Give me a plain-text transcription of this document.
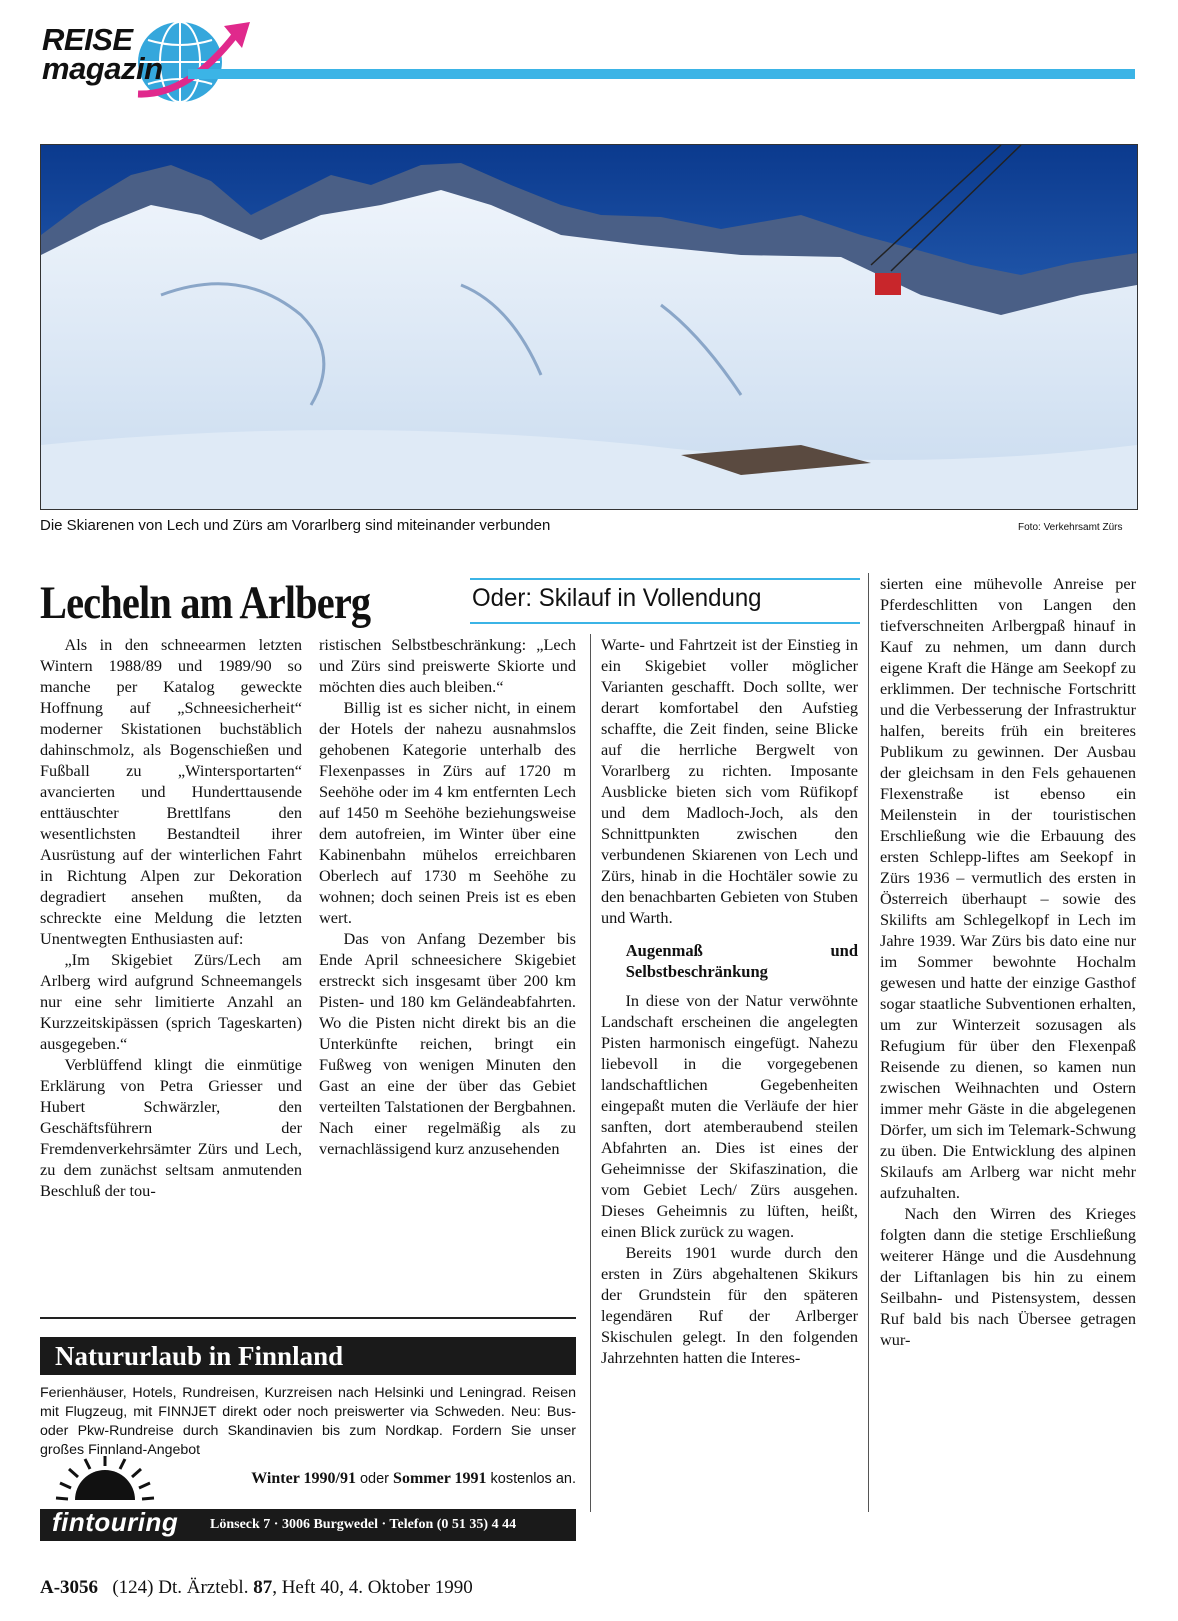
REISE
magazin
Die Skiarenen von Lech und Zürs am Vorarlberg sind miteinander verbunden	Foto: Verkehrsamt Zürs
Lecheln am Arlberg	Oder: Skilauf in Vollendung

Als in den schneearmen letzten Wintern 1988/89 und 1989/90 so manche per Katalog geweckte Hoffnung auf „Schneesicherheit“ moderner Skistationen buchstäblich dahinschmolz, als Bogenschießen und Fußball zu „Wintersportarten“ avancierten und Hunderttausende enttäuschter Brettlfans den wesentlichsten Bestandteil ihrer Ausrüstung auf der winterlichen Fahrt in Richtung Alpen zur Dekoration degradiert ansehen mußten, da schreckte eine Meldung die letzten Unentwegten Enthusiasten auf:

„Im Skigebiet Zürs/Lech am Arlberg wird aufgrund Schneemangels nur eine sehr limitierte Anzahl an Kurzzeitskipässen (sprich Tageskarten) ausgegeben.“

Verblüffend klingt die einmütige Erklärung von Petra Griesser und Hubert Schwärzler, den Geschäftsführern der Fremdenverkehrsämter Zürs und Lech, zu dem zunächst seltsam anmutenden Beschluß der tou-

ristischen Selbstbeschränkung: „Lech und Zürs sind preiswerte Skiorte und möchten dies auch bleiben.“

Billig ist es sicher nicht, in einem der Hotels der nahezu ausnahmslos gehobenen Kategorie unterhalb des Flexenpasses in Zürs auf 1720 m Seehöhe oder im 4 km entfernten Lech auf 1450 m Seehöhe beziehungsweise dem autofreien, im Winter über eine Kabinenbahn mühelos erreichbaren Oberlech auf 1730 m Seehöhe zu wohnen; doch seinen Preis ist es eben wert.

Das von Anfang Dezember bis Ende April schneesichere Skigebiet erstreckt sich insgesamt über 200 km Pisten- und 180 km Geländeabfahrten. Wo die Pisten nicht direkt bis an die Unterkünfte reichen, bringt ein Fußweg von wenigen Minuten den Gast an eine der über das Gebiet verteilten Talstationen der Bergbahnen. Nach einer regelmäßig als zu vernachlässigend kurz anzusehenden

Warte- und Fahrtzeit ist der Einstieg in ein Skigebiet voller möglicher Varianten geschafft. Doch sollte, wer derart komfortabel den Aufstieg schaffte, die Zeit finden, seine Blicke auf die herrliche Bergwelt von Vorarlberg zu richten. Imposante Ausblicke bieten sich vom Rüfikopf und dem Madloch-Joch, als den Schnittpunkten zwischen den verbundenen Skiarenen von Lech und Zürs, hinab in die Hochtäler sowie zu den benachbarten Gebieten von Stuben und Warth.

Augenmaß und Selbstbeschränkung

In diese von der Natur verwöhnte Landschaft erscheinen die angelegten Pisten harmonisch eingefügt. Nahezu liebevoll in die vorgegebenen landschaftlichen Gegebenheiten eingepaßt muten die Verläufe der hier sanften, dort atemberaubend steilen Abfahrten an. Dies ist eines der Geheimnisse der Skifaszination, die vom Gebiet Lech/ Zürs ausgehen. Dieses Geheimnis zu lüften, heißt, einen Blick zurück zu wagen.

Bereits 1901 wurde durch den ersten in Zürs abgehaltenen Skikurs der Grundstein für den späteren legendären Ruf der Arlberger Skischulen gelegt. In den folgenden Jahrzehnten hatten die Interes-

sierten eine mühevolle Anreise per Pferdeschlitten von Langen den tiefverschneiten Arlbergpaß hinauf in Kauf zu nehmen, um dann durch eigene Kraft die Hänge am Seekopf zu erklimmen. Der technische Fortschritt und die Verbesserung der Infrastruktur halfen, bereits früh ein breiteres Publikum zu gewinnen. Der Ausbau der gleichsam in den Fels gehauenen Flexenstraße ist ebenso ein Meilenstein in der touristischen Erschließung wie die Erbauung des ersten Schlepp-liftes am Seekopf in Zürs 1936 – vermutlich des ersten in Österreich überhaupt – sowie des Skilifts am Schlegelkopf in Lech im Jahre 1939. War Zürs bis dato eine nur im Sommer bewohnte Hochalm gewesen und hatte der einzige Gasthof sogar staatliche Subventionen erhalten, um zur Winterzeit sozusagen als Refugium für über den Flexenpaß Reisende zu dienen, so kamen nun zwischen Weihnachten und Ostern immer mehr Gäste in die abgelegenen Dörfer, um sich im Telemark-Schwung zu üben. Die Entwicklung des alpinen Skilaufs am Arlberg war nicht mehr aufzuhalten.

Nach den Wirren des Krieges folgten dann die stetige Erschließung weiterer Hänge und die Ausdehnung der Liftanlagen bis hin zu einem Seilbahn- und Pistensystem, dessen Ruf bald bis nach Übersee getragen wur-

Natururlaub in Finnland
Ferienhäuser, Hotels, Rundreisen, Kurzreisen nach Helsinki und Leningrad. Reisen mit Flugzeug, mit FINNJET direkt oder noch preiswerter via Schweden. Neu: Bus- oder Pkw-Rundreise durch Skandinavien bis zum Nordkap. Fordern Sie unser großes Finnland-Angebot
Winter 1990/91 oder Sommer 1991 kostenlos an.
fintouring Lönseck 7 · 3006 Burgwedel · Telefon (0 51 35) 4 44
A-3056 (124) Dt. Ärztebl. 87, Heft 40, 4. Oktober 1990
